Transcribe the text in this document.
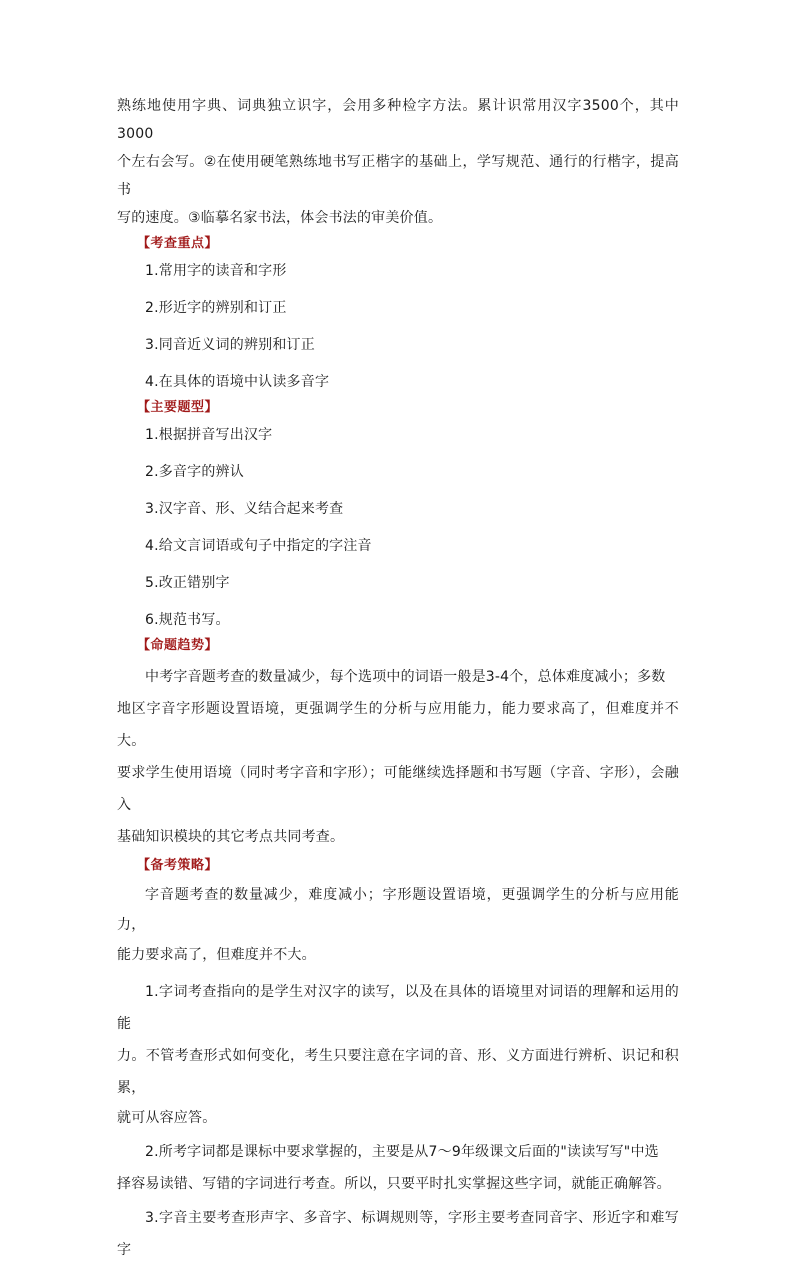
熟练地使用字典、词典独立识字，会用多种检字方法。累计识常用汉字3500个，其中3000

个左右会写。②在使用硬笔熟练地书写正楷字的基础上，学写规范、通行的行楷字，提高书

写的速度。③临摹名家书法，体会书法的审美价值。

【考查重点】

1.常用字的读音和字形

2.形近字的辨别和订正

3.同音近义词的辨别和订正

4.在具体的语境中认读多音字

【主要题型】

1.根据拼音写出汉字

2.多音字的辨认

3.汉字音、形、义结合起来考查

4.给文言词语或句子中指定的字注音

5.改正错别字

6.规范书写。

【命题趋势】

中考字音题考查的数量减少，每个选项中的词语一般是3-4个，总体难度减小；多数

地区字音字形题设置语境，更强调学生的分析与应用能力，能力要求高了，但难度并不大。

要求学生使用语境（同时考字音和字形）；可能继续选择题和书写题（字音、字形），会融入

基础知识模块的其它考点共同考查。

【备考策略】

字音题考查的数量减少，难度减小；字形题设置语境，更强调学生的分析与应用能力，

能力要求高了，但难度并不大。

1.字词考查指向的是学生对汉字的读写，以及在具体的语境里对词语的理解和运用的能

力。不管考查形式如何变化，考生只要注意在字词的音、形、义方面进行辨析、识记和积累，

就可从容应答。

2.所考字词都是课标中要求掌握的，主要是从7～9年级课文后面的"读读写写"中选

择容易读错、写错的字词进行考查。所以，只要平时扎实掌握这些字词，就能正确解答。

3.字音主要考查形声字、多音字、标调规则等，字形主要考查同音字、形近字和难写字
